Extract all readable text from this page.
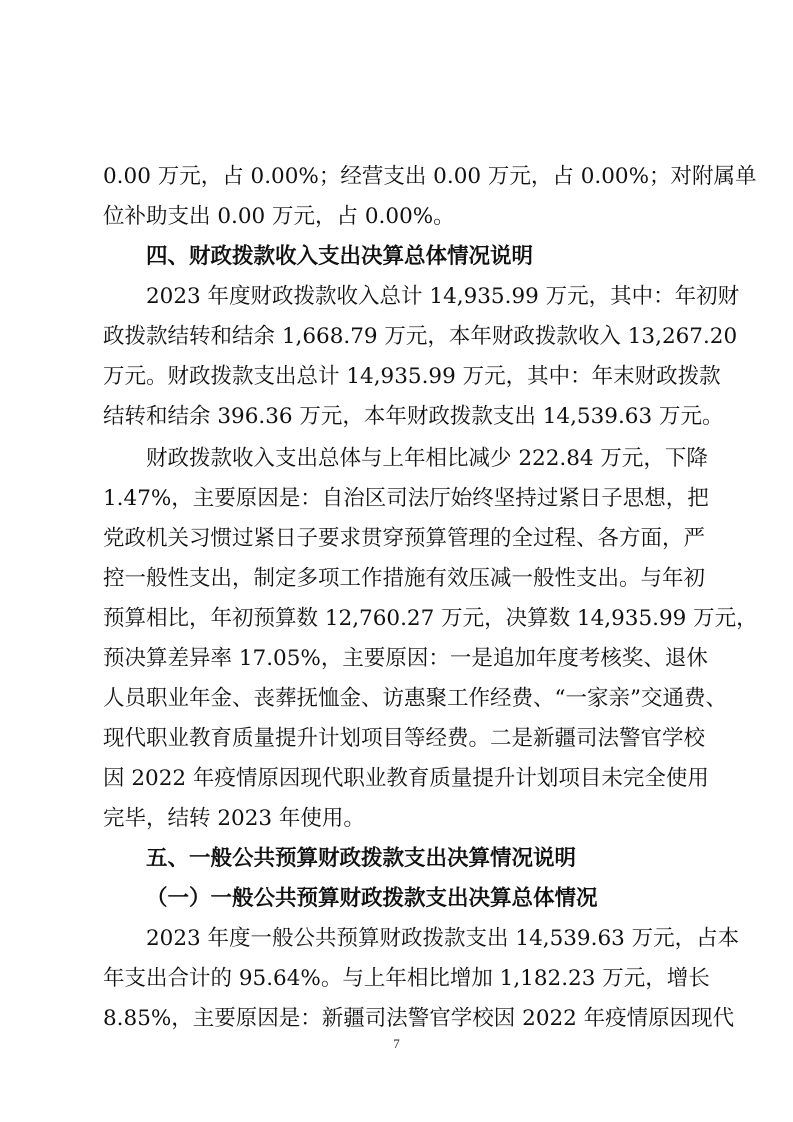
0.00 万元，占 0.00%；经营支出 0.00 万元，占 0.00%；对附属单
位补助支出 0.00 万元，占 0.00%。
四、财政拨款收入支出决算总体情况说明
2023 年度财政拨款收入总计 14,935.99 万元，其中：年初财
政拨款结转和结余 1,668.79 万元，本年财政拨款收入 13,267.20
万元。财政拨款支出总计 14,935.99 万元，其中：年末财政拨款
结转和结余 396.36 万元，本年财政拨款支出 14,539.63 万元。
财政拨款收入支出总体与上年相比减少 222.84 万元，下降
1.47%，主要原因是：自治区司法厅始终坚持过紧日子思想，把
党政机关习惯过紧日子要求贯穿预算管理的全过程、各方面，严
控一般性支出，制定多项工作措施有效压减一般性支出。与年初
预算相比，年初预算数 12,760.27 万元，决算数 14,935.99 万元，
预决算差异率 17.05%，主要原因：一是追加年度考核奖、退休
人员职业年金、丧葬抚恤金、访惠聚工作经费、“一家亲”交通费、
现代职业教育质量提升计划项目等经费。二是新疆司法警官学校
因 2022 年疫情原因现代职业教育质量提升计划项目未完全使用
完毕，结转 2023 年使用。
五、一般公共预算财政拨款支出决算情况说明
（一）一般公共预算财政拨款支出决算总体情况
2023 年度一般公共预算财政拨款支出 14,539.63 万元，占本
年支出合计的 95.64%。与上年相比增加 1,182.23 万元，增长
8.85%，主要原因是：新疆司法警官学校因 2022 年疫情原因现代
7
